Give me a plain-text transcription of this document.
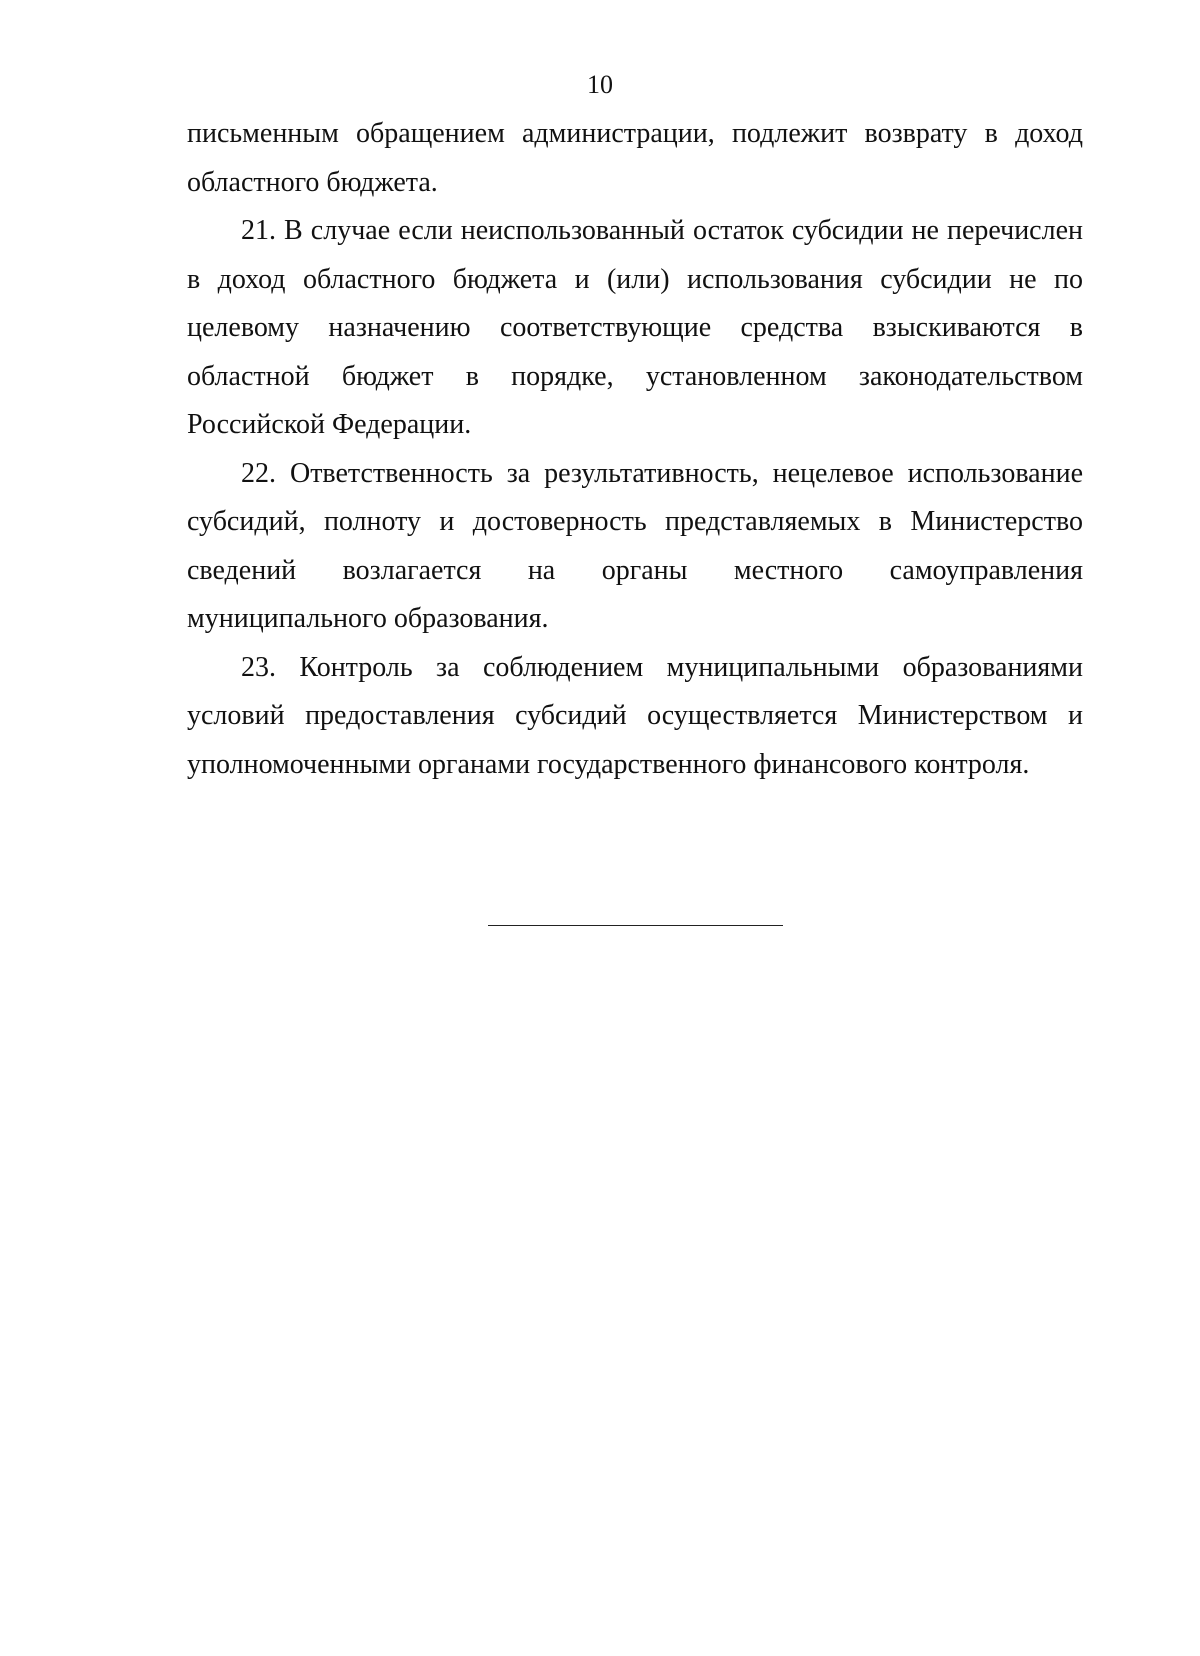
10

письменным обращением администрации, подлежит возврату в доход областного бюджета.

21. В случае если неиспользованный остаток субсидии не перечислен в доход областного бюджета и (или) использования субсидии не по целевому назначению соответствующие средства взыскиваются в областной бюджет в порядке, установленном законодательством Российской Федерации.

22. Ответственность за результативность, нецелевое использование субсидий, полноту и достоверность представляемых в Министерство сведений возлагается на органы местного самоуправления муниципального образования.

23. Контроль за соблюдением муниципальными образованиями условий предоставления субсидий осуществляется Министерством и уполномоченными органами государственного финансового контроля.
